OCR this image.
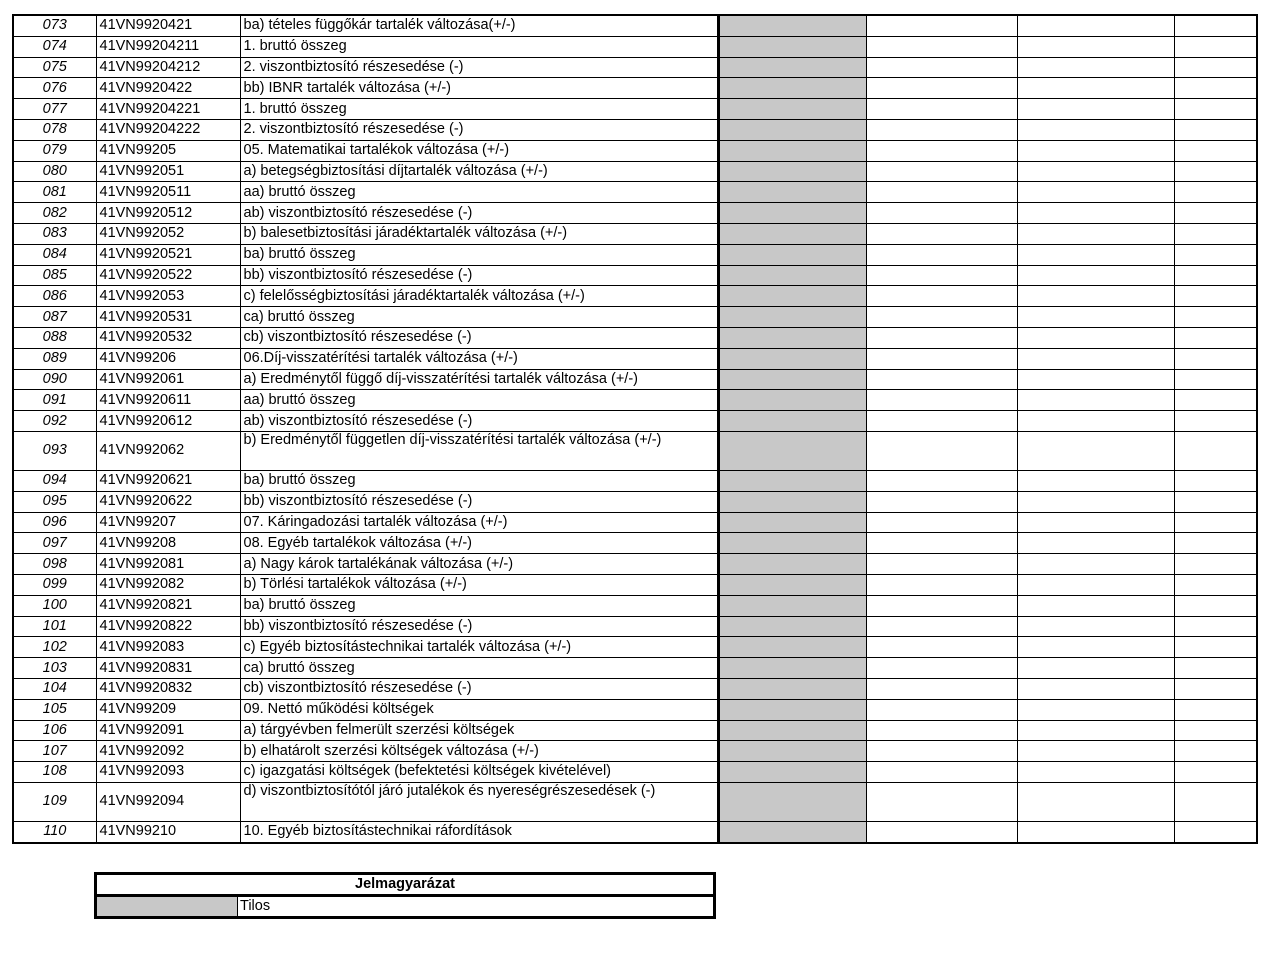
073	41VN9920421	ba) tételes függőkár tartalék változása(+/-)				
074	41VN99204211	1. bruttó összeg				
075	41VN99204212	2. viszontbiztosító részesedése (-)				
076	41VN9920422	bb) IBNR tartalék változása (+/-)				
077	41VN99204221	1. bruttó összeg				
078	41VN99204222	2. viszontbiztosító részesedése (-)				
079	41VN99205	05. Matematikai tartalékok változása (+/-)				
080	41VN992051	a) betegségbiztosítási díjtartalék változása (+/-)				
081	41VN9920511	aa) bruttó összeg				
082	41VN9920512	ab) viszontbiztosító részesedése (-)				
083	41VN992052	b) balesetbiztosítási járadéktartalék változása (+/-)				
084	41VN9920521	ba) bruttó összeg				
085	41VN9920522	bb) viszontbiztosító részesedése (-)				
086	41VN992053	c) felelősségbiztosítási járadéktartalék változása (+/-)				
087	41VN9920531	ca) bruttó összeg				
088	41VN9920532	cb) viszontbiztosító részesedése (-)				
089	41VN99206	06.Díj-visszatérítési tartalék változása (+/-)				
090	41VN992061	a) Eredménytől függő díj-visszatérítési tartalék változása (+/-)				
091	41VN9920611	aa) bruttó összeg				
092	41VN9920612	ab) viszontbiztosító részesedése (-)				
093	41VN992062	b) Eredménytől független díj-visszatérítési tartalék változása (+/-)				
094	41VN9920621	ba) bruttó összeg				
095	41VN9920622	bb) viszontbiztosító részesedése (-)				
096	41VN99207	07. Káringadozási tartalék változása (+/-)				
097	41VN99208	08. Egyéb tartalékok változása (+/-)				
098	41VN992081	a) Nagy károk tartalékának változása (+/-)				
099	41VN992082	b) Törlési tartalékok változása (+/-)				
100	41VN9920821	ba) bruttó összeg				
101	41VN9920822	bb) viszontbiztosító részesedése (-)				
102	41VN992083	c) Egyéb biztosítástechnikai tartalék változása (+/-)				
103	41VN9920831	ca) bruttó összeg				
104	41VN9920832	cb) viszontbiztosító részesedése (-)				
105	41VN99209	09. Nettó működési költségek				
106	41VN992091	a) tárgyévben felmerült szerzési költségek				
107	41VN992092	b) elhatárolt szerzési költségek változása (+/-)				
108	41VN992093	c) igazgatási költségek (befektetési költségek kivételével)				
109	41VN992094	d) viszontbiztosítótól járó jutalékok és nyereségrészesedések (-)				
110	41VN99210	10. Egyéb biztosítástechnikai ráfordítások				
Jelmagyarázat
	Tilos
